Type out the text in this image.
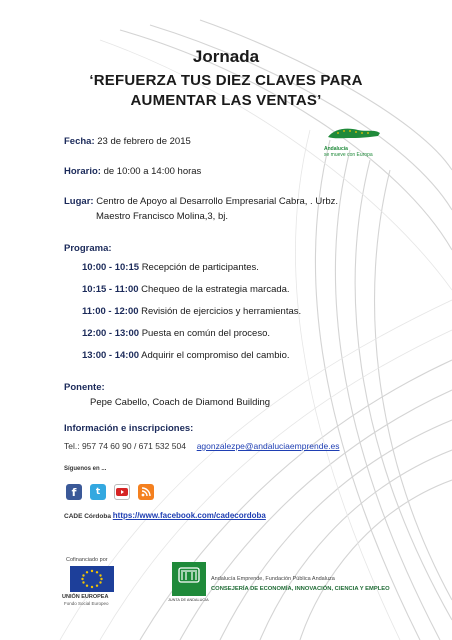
Jornada
‘REFUERZA TUS DIEZ CLAVES PARA
AUMENTAR LAS VENTAS’
Andalucía
se mueve con Europa
Fecha: 23 de febrero de 2015
Horario: de 10:00 a 14:00 horas
Lugar: Centro de Apoyo al Desarrollo Empresarial Cabra, . Urbz.
Maestro Francisco Molina,3, bj.
Programa:
10:00 - 10:15 Recepción de participantes.
10:15 - 11:00 Chequeo de la estrategia marcada.
11:00 - 12:00 Revisión de ejercicios y herramientas.
12:00 - 13:00 Puesta en común del proceso.
13:00 - 14:00 Adquirir el compromiso del cambio.
Ponente:
Pepe Cabello, Coach de Diamond Building
Información e inscripciones:
Tel.: 957 74 60 90 / 671 532 504 agonzalezpe@andaluciaemprende.es
Síguenos en ...
f	t
CADE Córdoba https://www.facebook.com/cadecordoba
Cofinanciado por
UNIÓN EUROPEA
Fondo Social Europeo
JUNTA DE ANDALUCIA
Andalucía Emprende, Fundación Pública Andaluza
CONSEJERÍA DE ECONOMÍA, INNOVACIÓN, CIENCIA Y EMPLEO
